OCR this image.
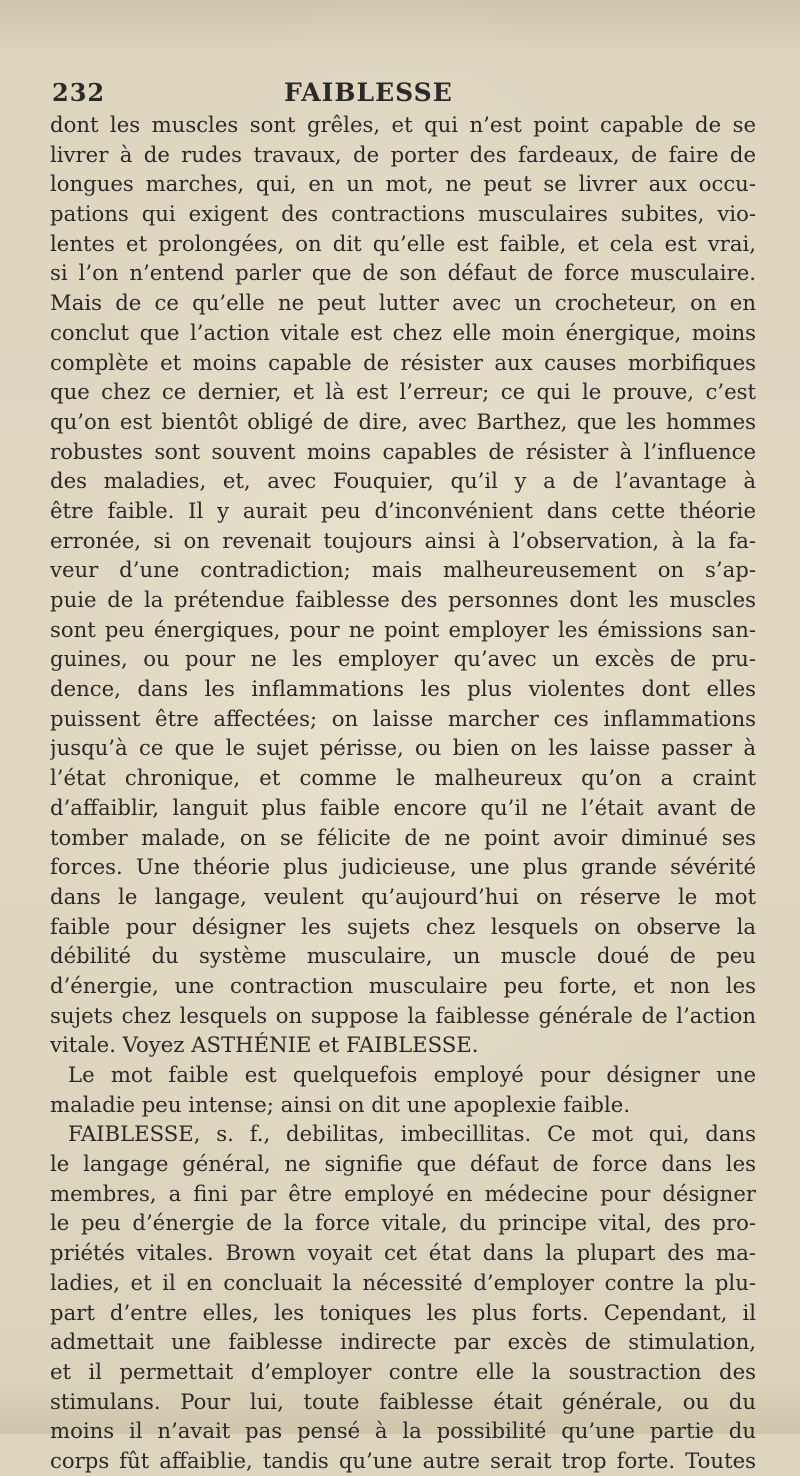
232	FAIBLESSE
dont les muscles sont grêles, et qui n’est point capable de se
livrer à de rudes travaux, de porter des fardeaux, de faire de
longues marches, qui, en un mot, ne peut se livrer aux occu-
pations qui exigent des contractions musculaires subites, vio-
lentes et prolongées, on dit qu’elle est faible, et cela est vrai,
si l’on n’entend parler que de son défaut de force musculaire.
Mais de ce qu’elle ne peut lutter avec un crocheteur, on en
conclut que l’action vitale est chez elle moin énergique, moins
complète et moins capable de résister aux causes morbifiques
que chez ce dernier, et là est l’erreur; ce qui le prouve, c’est
qu’on est bientôt obligé de dire, avec Barthez, que les hommes
robustes sont souvent moins capables de résister à l’influence
des maladies, et, avec Fouquier, qu’il y a de l’avantage à
être faible. Il y aurait peu d’inconvénient dans cette théorie
erronée, si on revenait toujours ainsi à l’observation, à la fa-
veur d’une contradiction; mais malheureusement on s’ap-
puie de la prétendue faiblesse des personnes dont les muscles
sont peu énergiques, pour ne point employer les émissions san-
guines, ou pour ne les employer qu’avec un excès de pru-
dence, dans les inflammations les plus violentes dont elles
puissent être affectées; on laisse marcher ces inflammations
jusqu’à ce que le sujet périsse, ou bien on les laisse passer à
l’état chronique, et comme le malheureux qu’on a craint
d’affaiblir, languit plus faible encore qu’il ne l’était avant de
tomber malade, on se félicite de ne point avoir diminué ses
forces. Une théorie plus judicieuse, une plus grande sévérité
dans le langage, veulent qu’aujourd’hui on réserve le mot
faible pour désigner les sujets chez lesquels on observe la
débilité du système musculaire, un muscle doué de peu
d’énergie, une contraction musculaire peu forte, et non les
sujets chez lesquels on suppose la faiblesse générale de l’action
vitale. Voyez ASTHÉNIE et FAIBLESSE.
Le mot faible est quelquefois employé pour désigner une
maladie peu intense; ainsi on dit une apoplexie faible.
FAIBLESSE, s. f., debilitas, imbecillitas. Ce mot qui, dans
le langage général, ne signifie que défaut de force dans les
membres, a fini par être employé en médecine pour désigner
le peu d’énergie de la force vitale, du principe vital, des pro-
priétés vitales. Brown voyait cet état dans la plupart des ma-
ladies, et il en concluait la nécessité d’employer contre la plu-
part d’entre elles, les toniques les plus forts. Cependant, il
admettait une faiblesse indirecte par excès de stimulation,
et il permettait d’employer contre elle la soustraction des
stimulans. Pour lui, toute faiblesse était générale, ou du
moins il n’avait pas pensé à la possibilité qu’une partie du
corps fût affaiblie, tandis qu’une autre serait trop forte. Toutes
